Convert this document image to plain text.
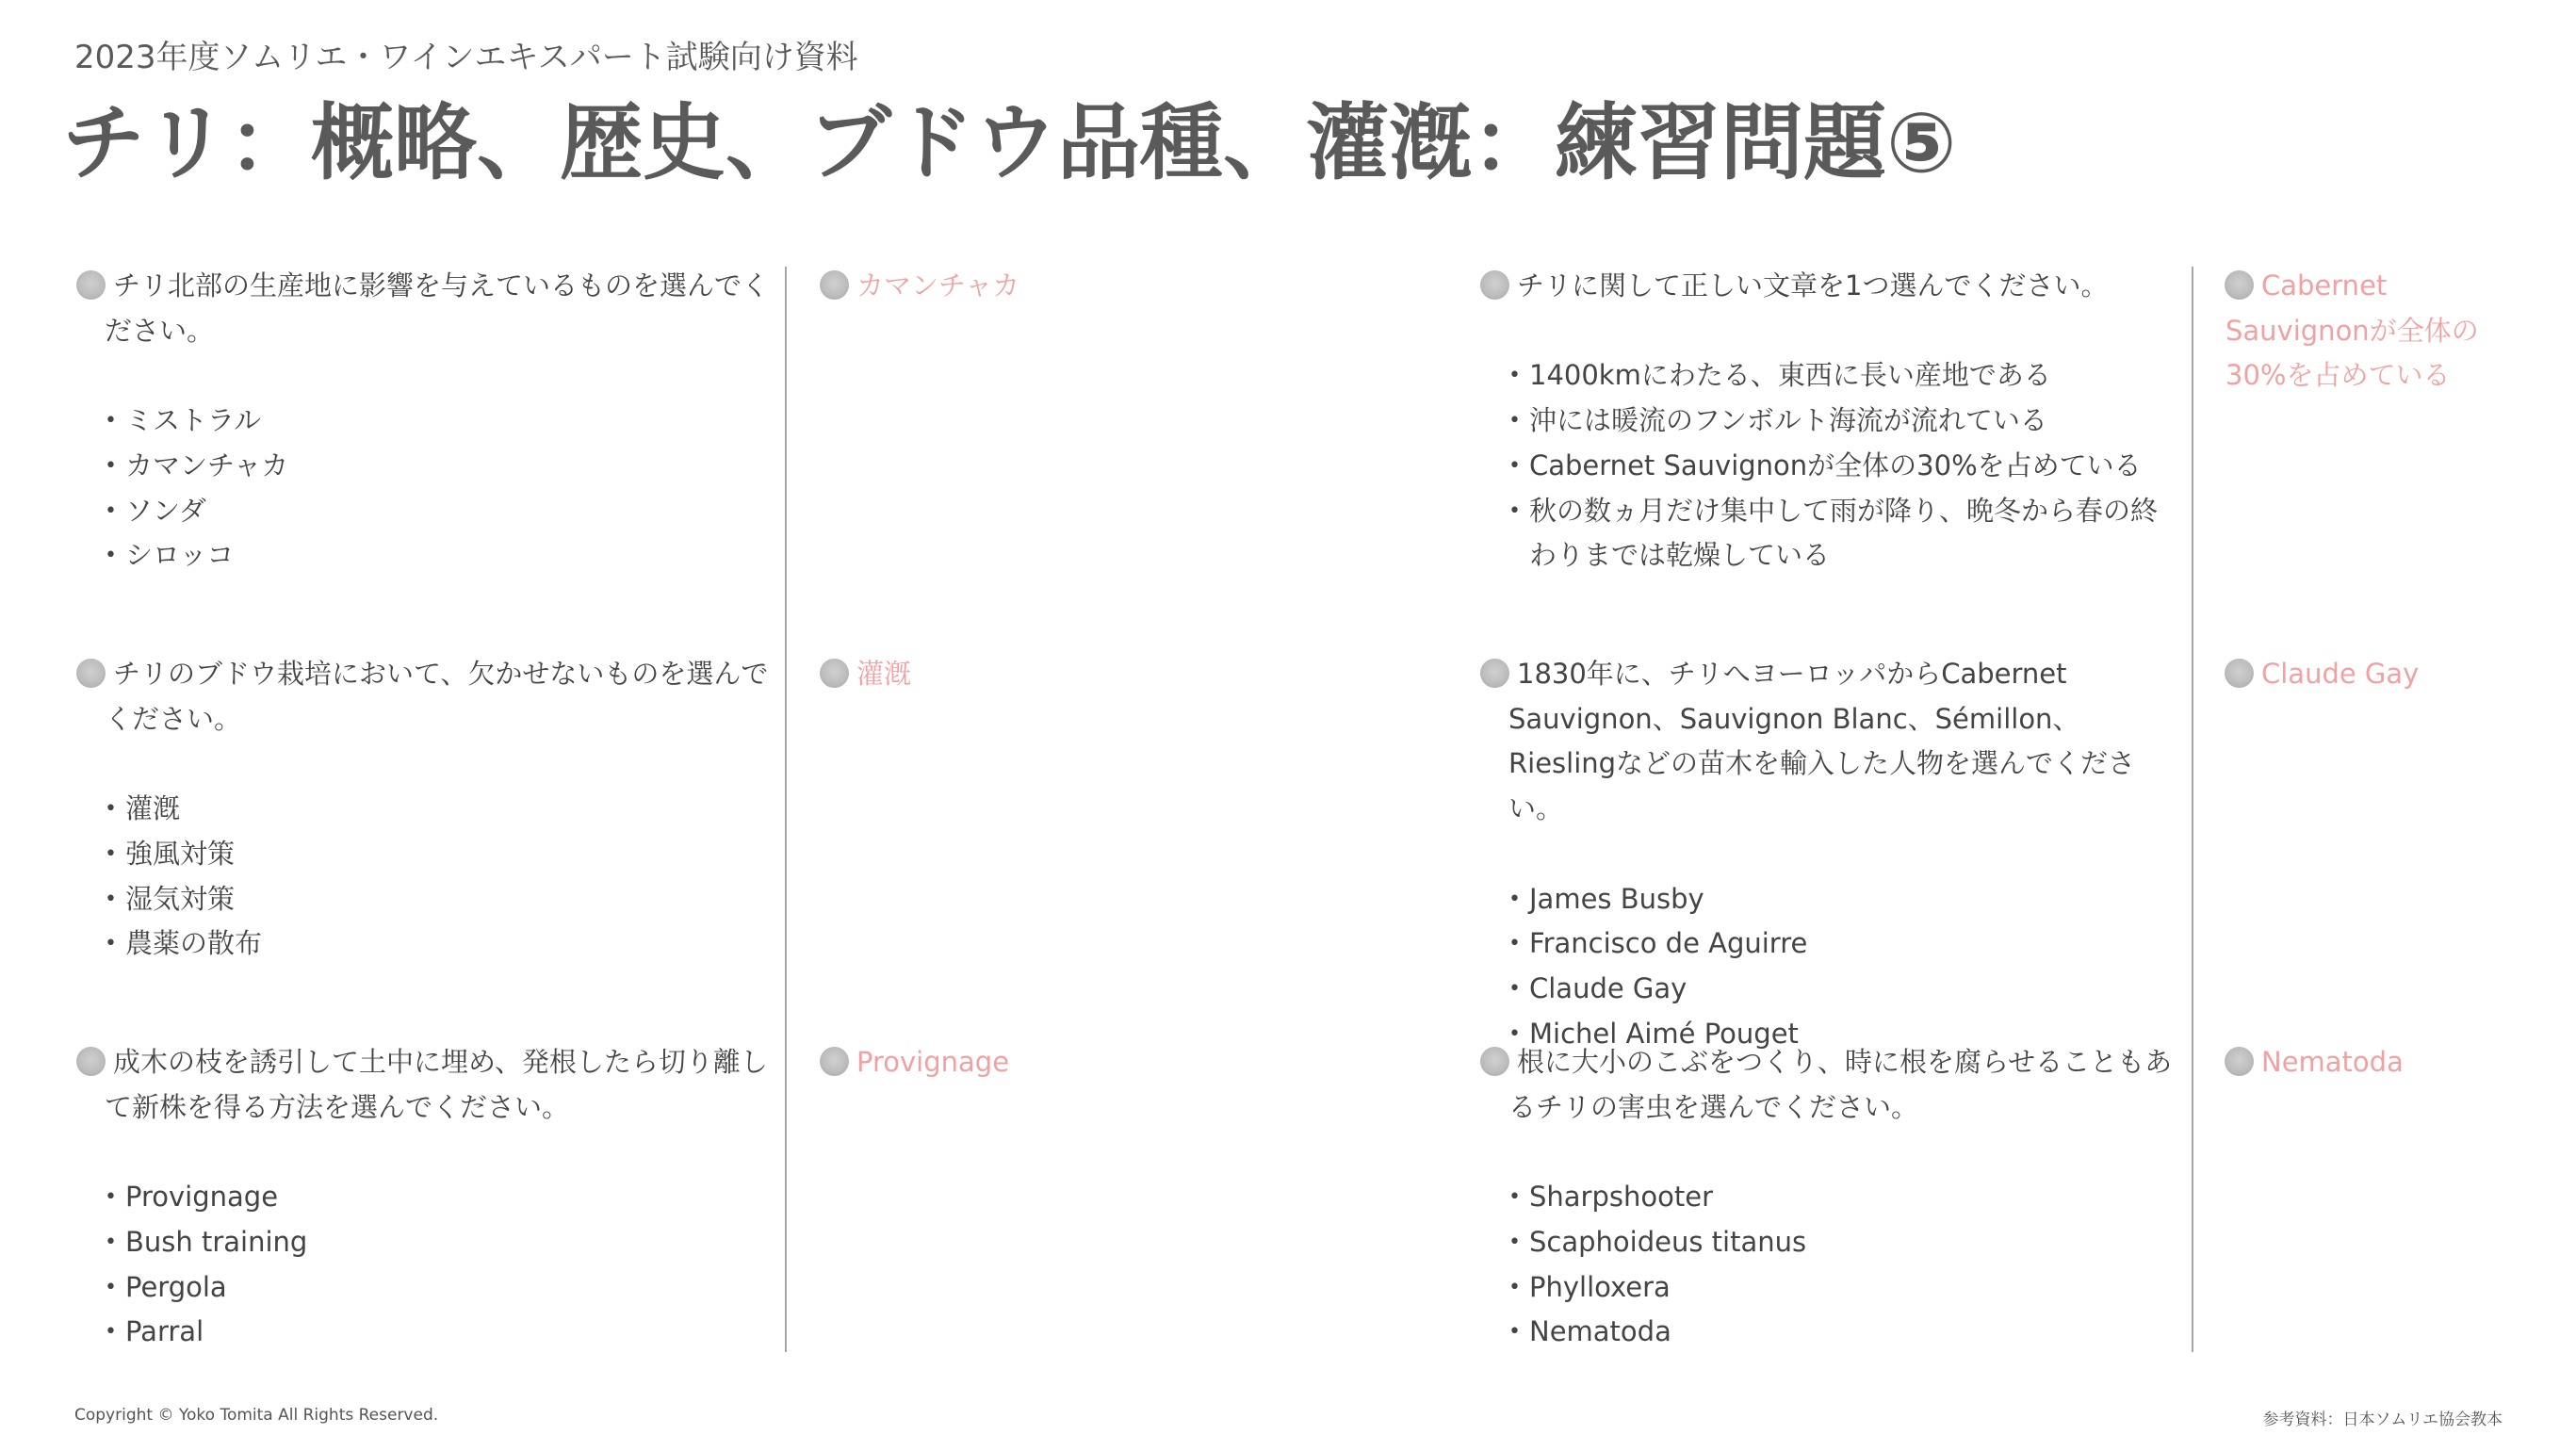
2023年度ソムリエ・ワインエキスパート試験向け資料
チリ：概略、歴史、ブドウ品種、灌漑：練習問題⑤

チリ北部の生産地に影響を与えているものを選んでください。

• ミストラル
• カマンチャカ
• ソンダ
• シロッコ
カマンチャカ	チリに関して正しい文章を1つ選んでください。

• 1400kmにわたる、東西に長い産地である
• 沖には暖流のフンボルト海流が流れている
• Cabernet Sauvignonが全体の30%を占めている
• 秋の数ヵ月だけ集中して雨が降り、晩冬から春の終
わりまでは乾燥している
Cabernet Sauvignonが全体の30%を占めている

チリのブドウ栽培において、欠かせないものを選んでください。

• 灌漑
• 強風対策
• 湿気対策
• 農薬の散布
灌漑	1830年に、チリへヨーロッパからCabernet Sauvignon、Sauvignon Blanc、Sémillon、Rieslingなどの苗木を輸入した人物を選んでください。

• James Busby
• Francisco de Aguirre
• Claude Gay
• Michel Aimé Pouget
Claude Gay

成木の枝を誘引して土中に埋め、発根したら切り離して新株を得る方法を選んでください。

• Provignage
• Bush training
• Pergola
• Parral
Provignage	根に大小のこぶをつくり、時に根を腐らせることもあるチリの害虫を選んでください。

• Sharpshooter
• Scaphoideus titanus
• Phylloxera
• Nematoda
Nematoda
Copyright © Yoko Tomita All Rights Reserved.	参考資料：日本ソムリエ協会教本
